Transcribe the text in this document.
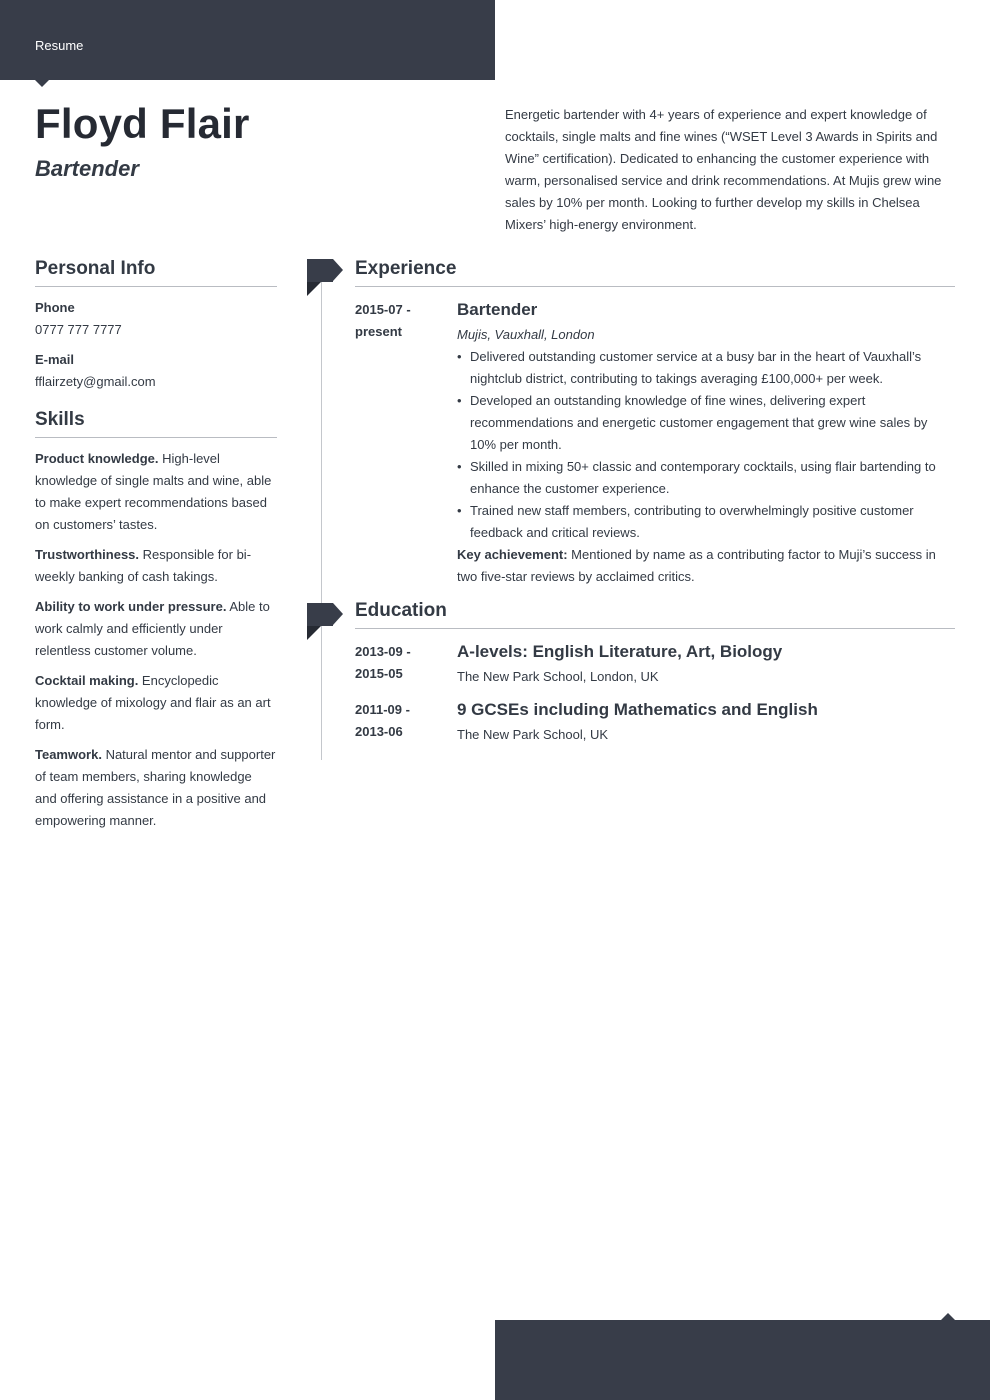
Resume
Floyd Flair
Bartender

Energetic bartender with 4+ years of experience and expert knowledge of cocktails, single malts and fine wines (“WSET Level 3 Awards in Spirits and Wine” certification). Dedicated to enhancing the customer experience with warm, personalised service and drink recommendations. At Mujis grew wine sales by 10% per month. Looking to further develop my skills in Chelsea Mixers’ high-energy environment.

Personal Info
Phone
0777 777 7777
E-mail
fflairzety@gmail.com
Skills
Product knowledge. High-level knowledge of single malts and wine, able to make expert recommendations based on customers’ tastes.
Trustworthiness. Responsible for bi-weekly banking of cash takings.
Ability to work under pressure. Able to work calmly and efficiently under relentless customer volume.
Cocktail making. Encyclopedic knowledge of mixology and flair as an art form.
Teamwork. Natural mentor and supporter of team members, sharing knowledge and offering assistance in a positive and empowering manner.
Experience
2015-07 -
present
Bartender
Mujis, Vauxhall, London
• Delivered outstanding customer service at a busy bar in the heart of Vauxhall’s nightclub district, contributing to takings averaging £100,000+ per week.
• Developed an outstanding knowledge of fine wines, delivering expert recommendations and energetic customer engagement that grew wine sales by 10% per month.
• Skilled in mixing 50+ classic and contemporary cocktails, using flair bartending to enhance the customer experience.
• Trained new staff members, contributing to overwhelmingly positive customer feedback and critical reviews.
Key achievement: Mentioned by name as a contributing factor to Muji’s success in two five-star reviews by acclaimed critics.
Education
2013-09 -
2015-05
A-levels: English Literature, Art, Biology
The New Park School, London, UK
2011-09 -
2013-06
9 GCSEs including Mathematics and English
The New Park School, UK
